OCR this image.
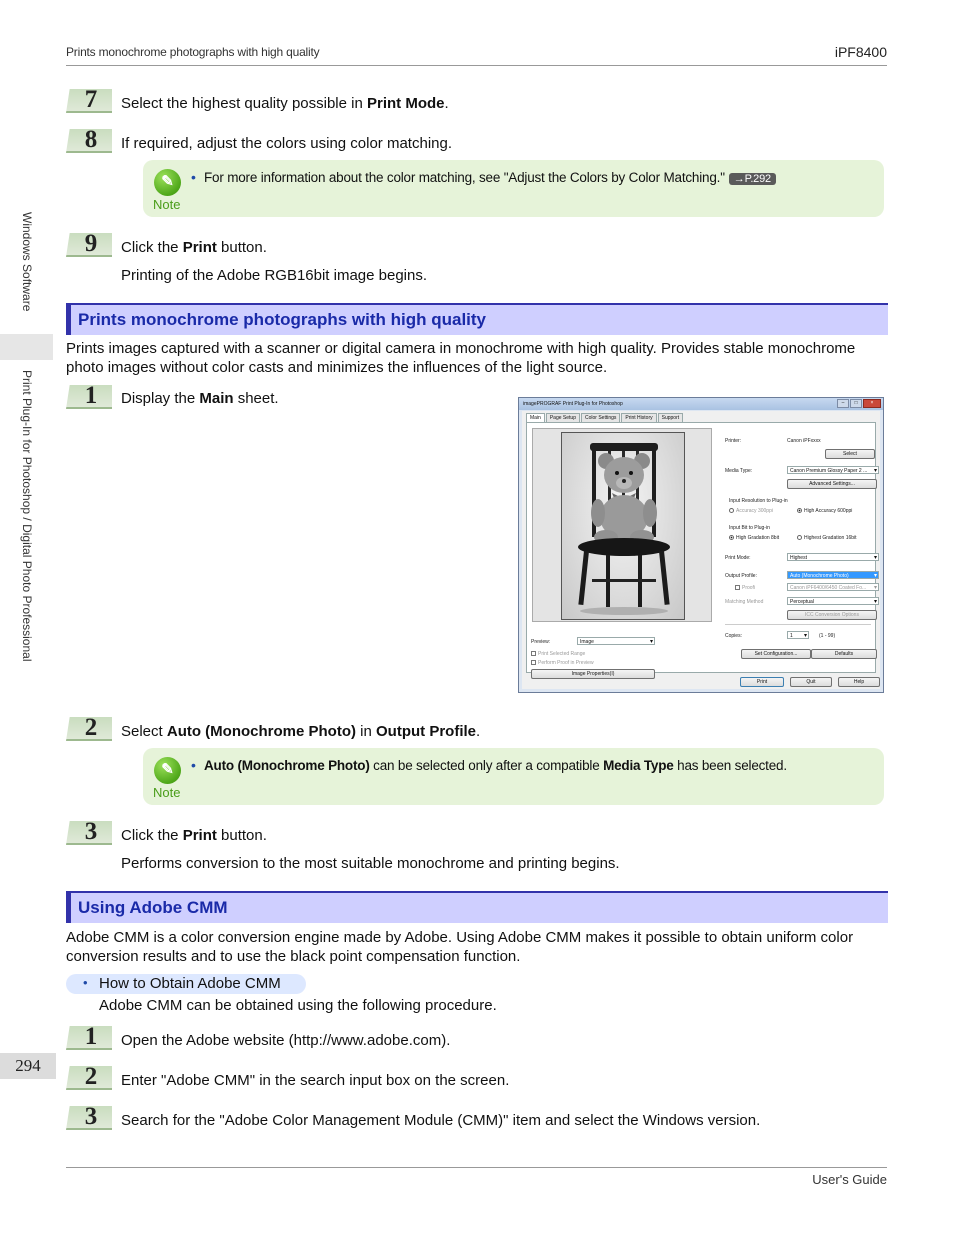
Prints monochrome photographs with high quality	iPF8400
Windows Software
Print Plug-In for Photoshop / Digital Photo Professional
7	Select the highest quality possible in Print Mode.
8	If required, adjust the colors using color matching.
✎
Note
• For more information about the color matching, see "Adjust the Colors by Color Matching." →P.292
9	Click the Print button.
Printing of the Adobe RGB16bit image begins.
Prints monochrome photographs with high quality
Prints images captured with a scanner or digital camera in monochrome with high quality. Provides stable monochrome photo images without color casts and minimizes the influences of the light source.
1	Display the Main sheet.	imagePROGRAF Print Plug-In for Photoshop	–	□	×
Main	Page Setup	Color Settings	Print History	Support
Printer:	Canon iPFxxxx
Select
Media Type:	Canon Premium Glossy Paper 2 ... ▾
Advanced Settings...
Input Resolution to Plug-in
Accuracy 300ppi	High Accuracy 600ppi
Input Bit to Plug-in
High Gradation 8bit	Highest Gradation 16bit
Print Mode:	Highest ▾
Output Profile:	Auto (Monochrome Photo) ▾
Proofi	Canon iPF6400/6450 Coated Fo... ▾
Matching Method	Perceptual ▾
ICC Conversion Options
Copies:	1 ▾	(1 - 99)
Set Configuration...	Defaults
Preview:	Image ▾
Print Selected Range
Perform Proof in Preview
Image Properties(I)
Print	Quit	Help
2	Select Auto (Monochrome Photo) in Output Profile.
✎
Note
• Auto (Monochrome Photo) can be selected only after a compatible Media Type has been selected.
3	Click the Print button.
Performs conversion to the most suitable monochrome and printing begins.
Using Adobe CMM
Adobe CMM is a color conversion engine made by Adobe. Using Adobe CMM makes it possible to obtain uniform color conversion results and to use the black point compensation function.
• How to Obtain Adobe CMM
Adobe CMM can be obtained using the following procedure.
1	Open the Adobe website (http://www.adobe.com).
2	Enter "Adobe CMM" in the search input box on the screen.
3	Search for the "Adobe Color Management Module (CMM)" item and select the Windows version.
294
User's Guide
